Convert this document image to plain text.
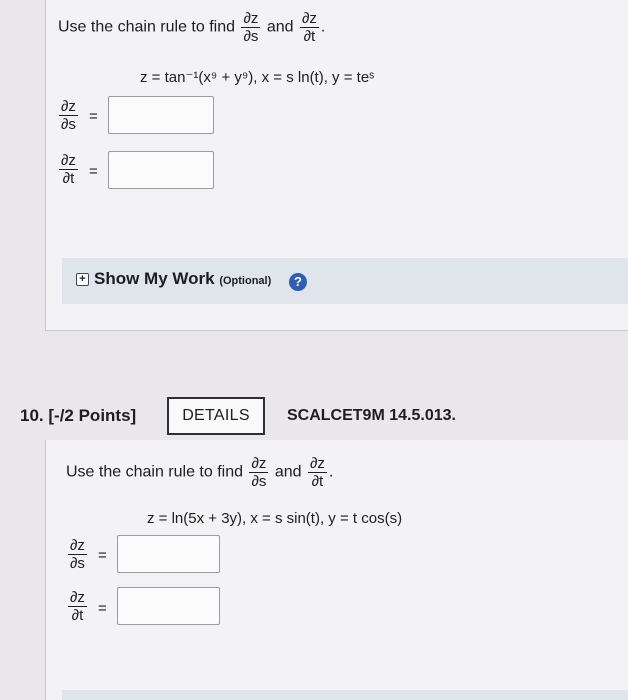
Use the chain rule to find $\frac{\partial z}{\partial s}$ and $\frac{\partial z}{\partial t}$ .
z = tan⁻¹(x⁹ + y⁹), x = s ln(t), y = teˢ
$\frac{\partial z}{\partial s}$ =
$\frac{\partial z}{\partial t}$ =
+ Show My Work (Optional)	?
10. [-/2 Points]	DETAILS	SCALCET9M 14.5.013.
Use the chain rule to find $\frac{\partial z}{\partial s}$ and $\frac{\partial z}{\partial t}$ .
z = ln(5x + 3y), x = s sin(t), y = t cos(s)
$\frac{\partial z}{\partial s}$ =
$\frac{\partial z}{\partial t}$ =
